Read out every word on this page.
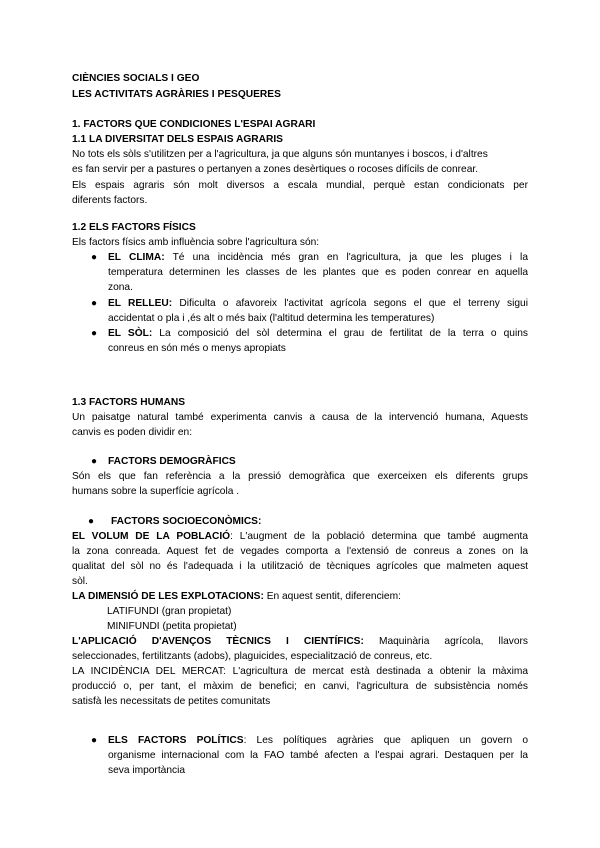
CIÈNCIES SOCIALS I GEO
LES ACTIVITATS AGRÀRIES I PESQUERES
1. FACTORS QUE CONDICIONES L'ESPAI AGRARI
1.1 LA DIVERSITAT DELS ESPAIS AGRARIS
No tots els sòls s'utilitzen per a l'agricultura, ja que alguns són muntanyes i boscos, i d'altres
es fan servir per a pastures o pertanyen a zones desèrtiques o rocoses difícils de conrear.
Els espais agraris són molt diversos a escala mundial, perquè estan condicionats per
diferents factors.
1.2 ELS FACTORS FÍSICS
Els factors físics amb influència sobre l'agricultura són:
● EL CLIMA: Té una incidència més gran en l'agricultura, ja que les pluges i la
temperatura determinen les classes de les plantes que es poden conrear en aquella
zona.
● EL RELLEU: Dificulta o afavoreix l'activitat agrícola segons el que el terreny sigui
accidentat o pla i ,és alt o més baix (l'altitud determina les temperatures)
● EL SÒL: La composició del sòl determina el grau de fertilitat de la terra o quins
conreus en són més o menys apropiats
1.3 FACTORS HUMANS
Un paisatge natural també experimenta canvis a causa de la intervenció humana, Aquests
canvis es poden dividir en:
● FACTORS DEMOGRÀFICS
Són els que fan referència a la pressió demogràfica que exerceixen els diferents grups
humans sobre la superfície agrícola .
● FACTORS SOCIOECONÒMICS:
EL VOLUM DE LA POBLACIÓ: L'augment de la població determina que també augmenta
la zona conreada. Aquest fet de vegades comporta a l'extensió de conreus a zones on la
qualitat del sòl no és l'adequada i la utilització de tècniques agrícoles que malmeten aquest
sòl.
LA DIMENSIÓ DE LES EXPLOTACIONS: En aquest sentit, diferenciem:
LATIFUNDI (gran propietat)
MINIFUNDI (petita propietat)
L'APLICACIÓ D'AVENÇOS TÈCNICS I CIENTÍFICS: Maquinària agrícola, llavors
seleccionades, fertilitzants (adobs), plaguicides, especialització de conreus, etc.
LA INCIDÈNCIA DEL MERCAT: L'agricultura de mercat està destinada a obtenir la màxima
producció o, per tant, el màxim de benefici; en canvi, l'agricultura de subsistència només
satisfà les necessitats de petites comunitats
● ELS FACTORS POLÍTICS: Les polítiques agràries que apliquen un govern o
organisme internacional com la FAO també afecten a l'espai agrari. Destaquen per la
seva importància
